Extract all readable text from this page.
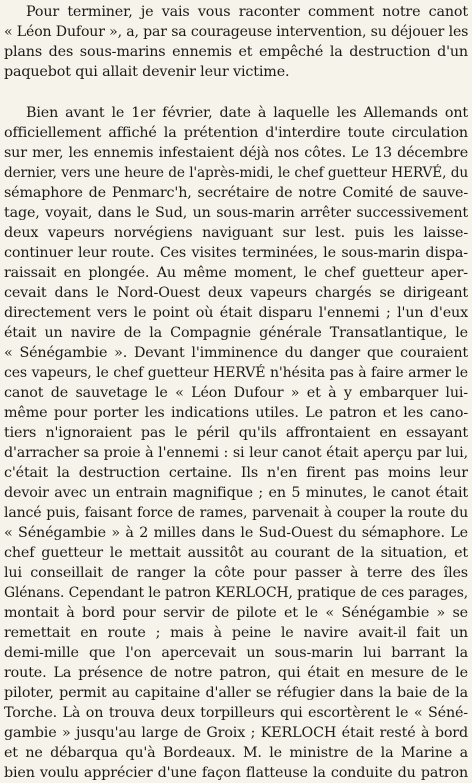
Pour terminer, je vais vous raconter comment notre canot
« Léon Dufour », a, par sa courageuse intervention, su déjouer les
plans des sous-marins ennemis et empêché la destruction d'un
paquebot qui allait devenir leur victime.
Bien avant le 1er février, date à laquelle les Allemands ont
officiellement affiché la prétention d'interdire toute circulation
sur mer, les ennemis infestaient déjà nos côtes. Le 13 décembre
dernier, vers une heure de l'après-midi, le chef guetteur HERVÉ, du
sémaphore de Penmarc'h, secrétaire de notre Comité de sauve-
tage, voyait, dans le Sud, un sous-marin arrêter successivement
deux vapeurs norvégiens naviguant sur lest. puis les laisse-
continuer leur route. Ces visites terminées, le sous-marin dispa-
raissait en plongée. Au même moment, le chef guetteur aper-
cevait dans le Nord-Ouest deux vapeurs chargés se dirigeant
directement vers le point où était disparu l'ennemi ; l'un d'eux
était un navire de la Compagnie générale Transatlantique, le
« Sénégambie ». Devant l'imminence du danger que couraient
ces vapeurs, le chef guetteur HERVÉ n'hésita pas à faire armer le
canot de sauvetage le « Léon Dufour » et à y embarquer lui-
même pour porter les indications utiles. Le patron et les cano-
tiers n'ignoraient pas le péril qu'ils affrontaient en essayant
d'arracher sa proie à l'ennemi : si leur canot était aperçu par lui,
c'était la destruction certaine. Ils n'en firent pas moins leur
devoir avec un entrain magnifique ; en 5 minutes, le canot était
lancé puis, faisant force de rames, parvenait à couper la route du
« Sénégambie » à 2 milles dans le Sud-Ouest du sémaphore. Le
chef guetteur le mettait aussitôt au courant de la situation, et
lui conseillait de ranger la côte pour passer à terre des îles
Glénans. Cependant le patron KERLOCH, pratique de ces parages,
montait à bord pour servir de pilote et le « Sénégambie » se
remettait en route ; mais à peine le navire avait-il fait un
demi-mille que l'on apercevait un sous-marin lui barrant la
route. La présence de notre patron, qui était en mesure de le
piloter, permit au capitaine d'aller se réfugier dans la baie de la
Torche. Là on trouva deux torpilleurs qui escortèrent le « Séné-
gambie » jusqu'au large de Groix ; KERLOCH était resté à bord
et ne débarqua qu'à Bordeaux. M. le ministre de la Marine a
bien voulu apprécier d'une façon flatteuse la conduite du patron
